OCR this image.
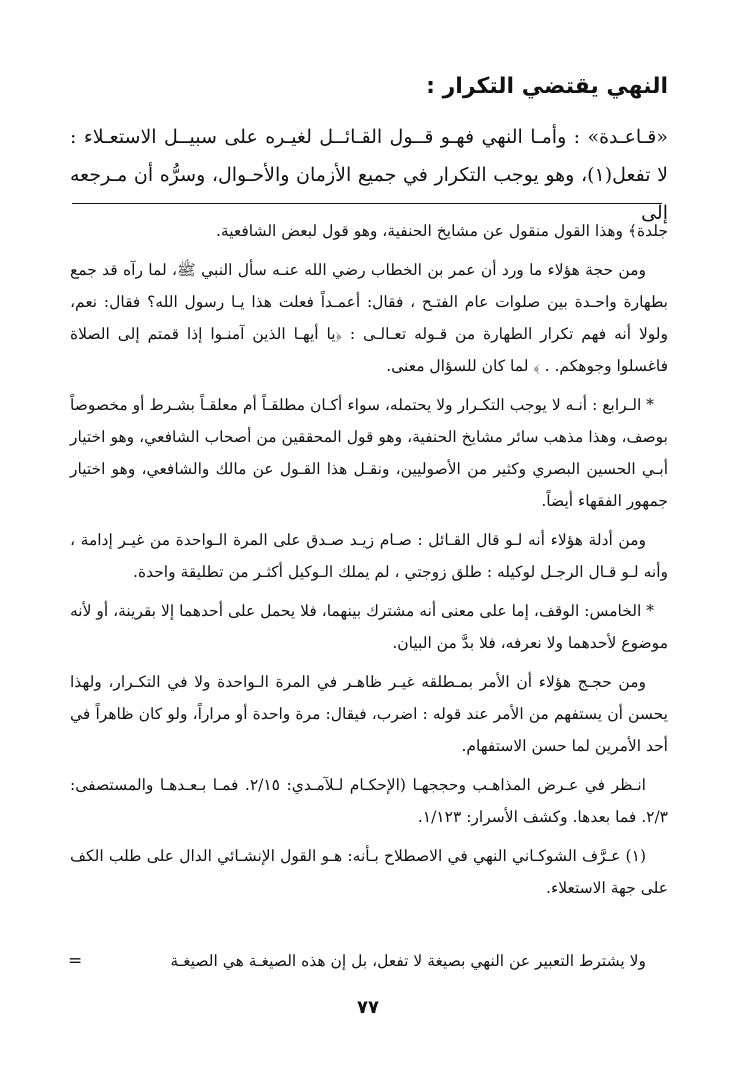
النهي يقتضي التكرار :
«قـاعـدة» : وأمـا النهي فهـو قــول القـائــل لغيـره على سبيــل الاستعـلاء : لا تفعل(١)، وهو يوجب التكرار في جميع الأزمان والأحـوال، وسرُّه أن مـرجعه إلى

جلدة﴾ وهذا القول منقول عن مشايخ الحنفية، وهو قول لبعض الشافعية.

ومن حجة هؤلاء ما ورد أن عمر بن الخطاب رضي الله عنـه سأل النبي ﷺ، لما رآه قد جمع بطهارة واحـدة بين صلوات عام الفتـح ، فقال: أعمـداً فعلت هذا يـا رسول الله؟ فقال: نعم، ولولا أنه فهم تكرار الطهارة من قـوله تعـالـى : ﴿يا أيهـا الذين آمنـوا إذا قمتم إلى الصلاة فاغسلوا وجوهكم. . ﴾ لما كان للسؤال معنى.

* الـرابع : أنـه لا يوجب التكـرار ولا يحتمله، سواء أكـان مطلقـاً أم معلقـاً بشـرط أو مخصوصاً بوصف، وهذا مذهب سائر مشايخ الحنفية، وهو قول المحققين من أصحاب الشافعي، وهو اختيار أبـي الحسين البصري وكثير من الأصوليين، ونقـل هذا القـول عن مالك والشافعي، وهو اختيار جمهور الفقهاء أيضاً.

ومن أدلة هؤلاء أنه لـو قال القـائل : صـام زيـد صـدق على المرة الـواحدة من غيـر إدامة ، وأنه لـو قـال الرجـل لوكيله : طلق زوجتي ، لم يملك الـوكيل أكثـر من تطليقة واحدة.

* الخامس: الوقف، إما على معنى أنه مشترك بينهما، فلا يحمل على أحدهما إلا بقرينة، أو لأنه موضوع لأحدهما ولا نعرفه، فلا بدَّ من البيان.

ومن حجـج هؤلاء أن الأمر بمـطلقه غيـر ظاهـر في المرة الـواحدة ولا في التكـرار، ولهذا يحسن أن يستفهم من الأمر عند قوله : اضرب، فيقال: مرة واحدة أو مراراً، ولو كان ظاهراً في أحد الأمرين لما حسن الاستفهام.

انـظر في عـرض المذاهـب وحججهـا (الإحكـام لـلآمـدي: ٢/١٥. فمـا بـعـدهـا والمستصفى: ٢/٣. فما بعدها. وكشف الأسرار: ١/١٢٣.

(١) عـرَّف الشوكـاني النهي في الاصطلاح بـأنه: هـو القول الإنشـائي الدال على طلب الكف على جهة الاستعلاء.

ولا يشترط التعبير عن النهي بصيغة لا تفعل، بل إن هذه الصيغـة هي الصيغـة
=
٧٧
